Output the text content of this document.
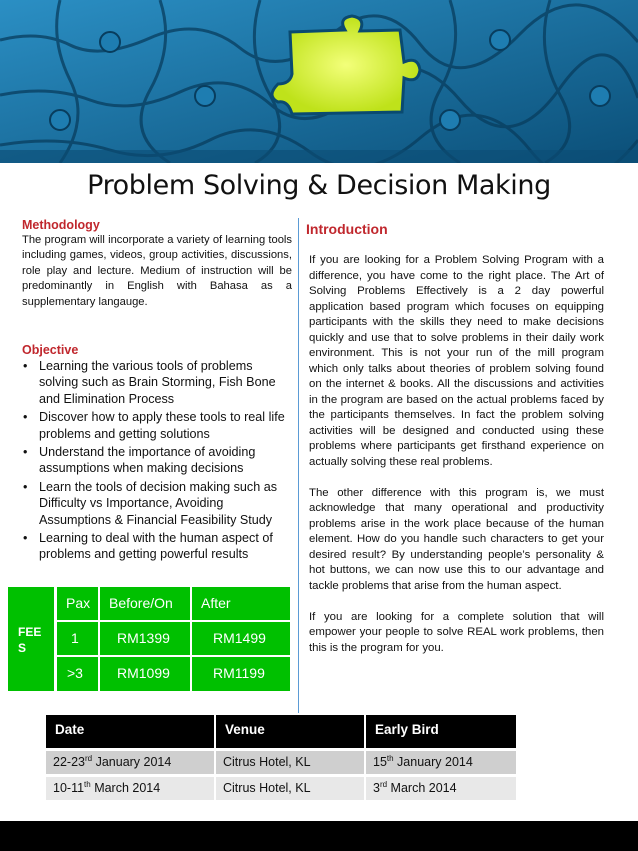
Problem Solving & Decision Making
Methodology
The program will incorporate a variety of learning tools including games, videos, group activities, discussions, role play and lecture. Medium of instruction will be predominantly in English with Bahasa as a supplementary langauge.
Objective
• Learning the various tools of problems solving such as Brain Storming, Fish Bone and Elimination Process
• Discover how to apply these tools to real life problems and getting solutions
• Understand the importance of avoiding assumptions when making decisions
• Learn the tools of decision making such as Difficulty vs Importance, Avoiding Assumptions & Financial Feasibility Study
• Learning to deal with the human aspect of problems and getting powerful results
Introduction

If you are looking for a Problem Solving Program with a difference, you have come to the right place. The Art of Solving Problems Effectively is a 2 day powerful application based program which focuses on equipping participants with the skills they need to make decisions quickly and use that to solve problems in their daily work environment. This is not your run of the mill program which only talks about theories of problem solving found on the internet & books. All the discussions and activities in the program are based on the actual problems faced by the participants themselves. In fact the problem solving activities will be designed and conducted using these problems where participants get firsthand experience on actually solving these real problems.

The other difference with this program is, we must acknowledge that many operational and productivity problems arise in the work place because of the human element. How do you handle such characters to get your desired result? By understanding people’s personality & hot buttons, we can now use this to our advantage and tackle problems that arise from the human aspect.

If you are looking for a complete solution that will empower your people to solve REAL work problems, then this is the program for you.

FEE
S
Pax	Before/On	After
1	RM1399	RM1499
>3	RM1099	RM1199
Date	Venue	Early Bird
22-23rd January 2014	Citrus Hotel, KL	15th January 2014
10-11th March 2014	Citrus Hotel, KL	3rd March 2014
